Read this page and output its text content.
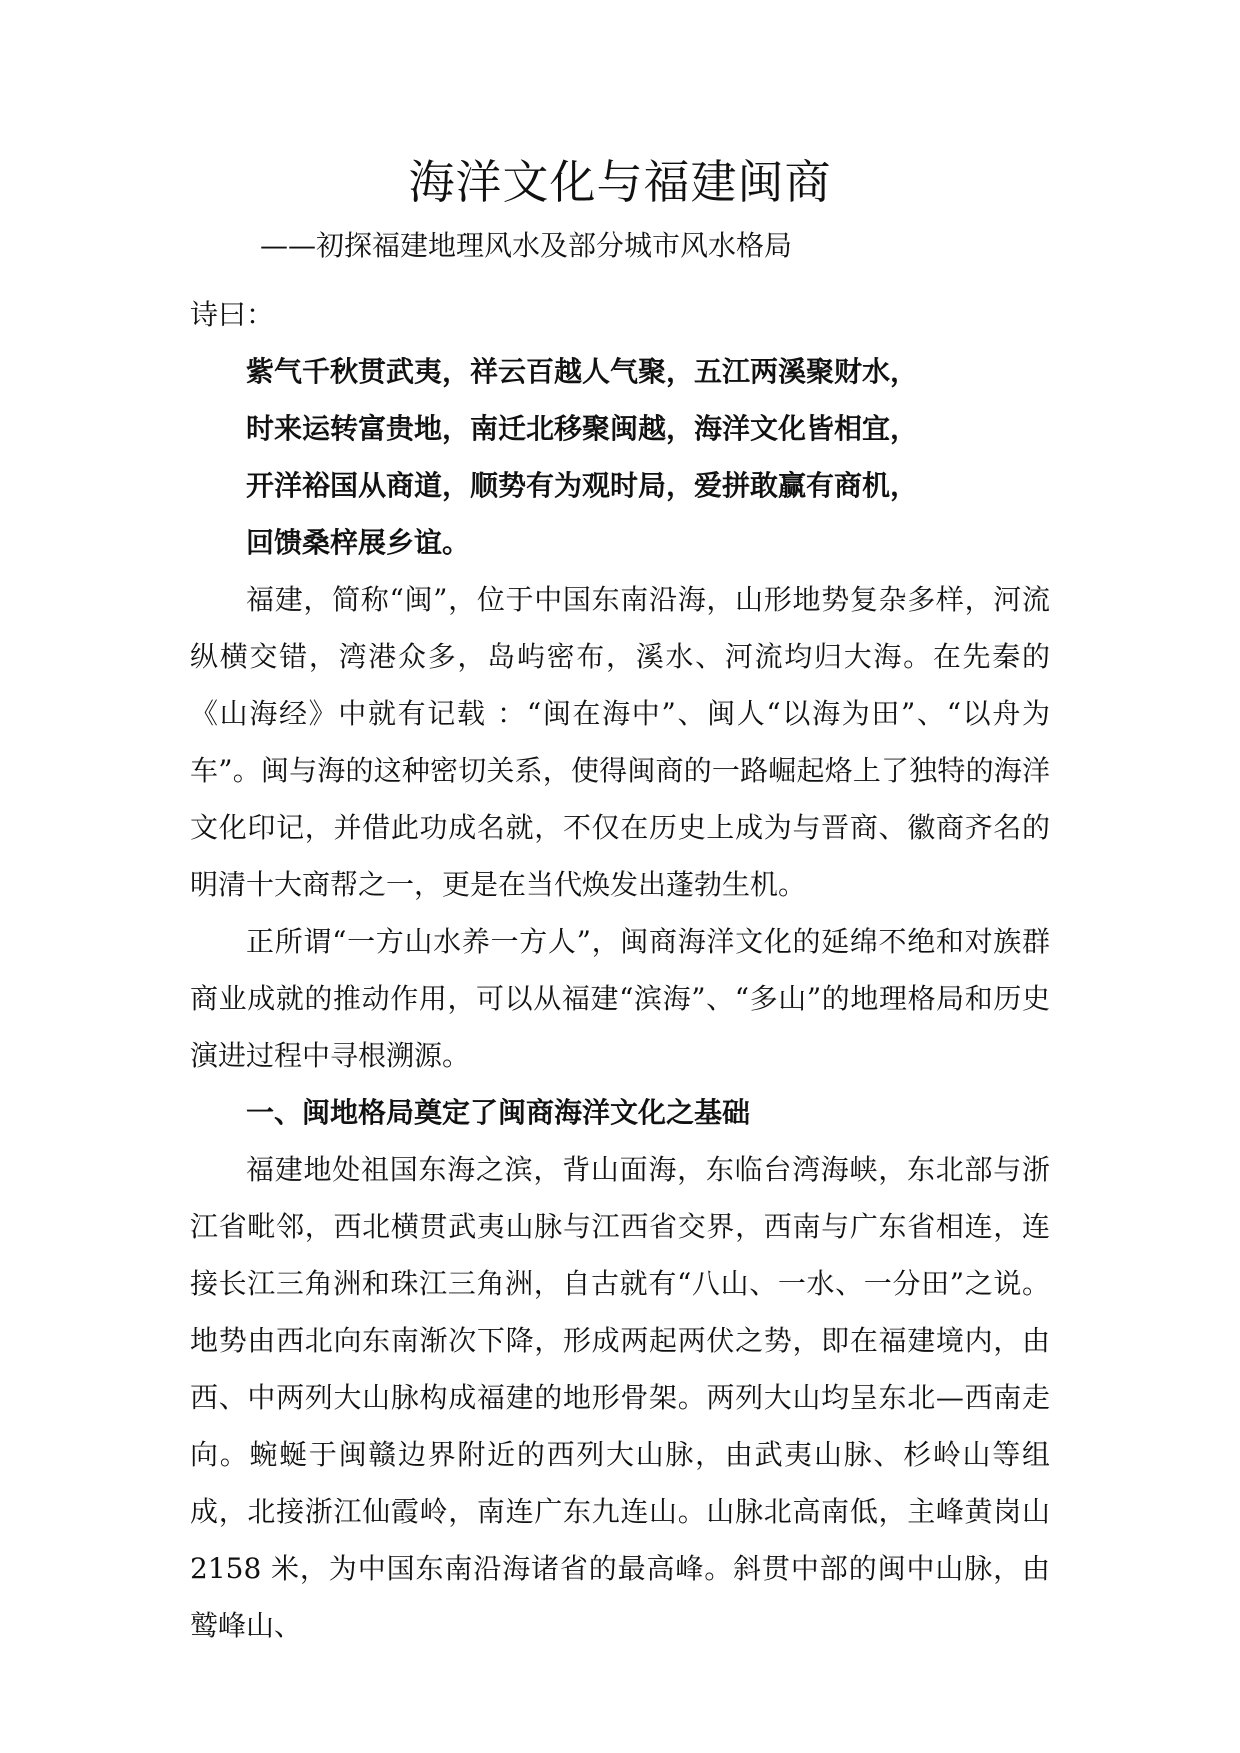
海洋文化与福建闽商

——初探福建地理风水及部分城市风水格局

诗曰：

紫气千秋贯武夷，祥云百越人气聚，五江两溪聚财水，

时来运转富贵地，南迁北移聚闽越，海洋文化皆相宜，

开洋裕国从商道，顺势有为观时局，爱拼敢赢有商机，

回馈桑梓展乡谊。

福建，简称“闽”，位于中国东南沿海，山形地势复杂多样，河流纵横交错，湾港众多，岛屿密布，溪水、河流均归大海。在先秦的《山海经》中就有记载 ：“闽在海中”、闽人“以海为田”、“以舟为车”。闽与海的这种密切关系，使得闽商的一路崛起烙上了独特的海洋文化印记，并借此功成名就，不仅在历史上成为与晋商、徽商齐名的明清十大商帮之一，更是在当代焕发出蓬勃生机。

正所谓“一方山水养一方人”，闽商海洋文化的延绵不绝和对族群商业成就的推动作用，可以从福建“滨海”、“多山”的地理格局和历史演进过程中寻根溯源。

一、闽地格局奠定了闽商海洋文化之基础

福建地处祖国东海之滨，背山面海，东临台湾海峡，东北部与浙江省毗邻，西北横贯武夷山脉与江西省交界，西南与广东省相连，连接长江三角洲和珠江三角洲，自古就有“八山、一水、一分田”之说。地势由西北向东南渐次下降，形成两起两伏之势，即在福建境内，由西、中两列大山脉构成福建的地形骨架。两列大山均呈东北—西南走向。蜿蜒于闽赣边界附近的西列大山脉，由武夷山脉、杉岭山等组成，北接浙江仙霞岭，南连广东九连山。山脉北高南低，主峰黄岗山 2158 米，为中国东南沿海诸省的最高峰。斜贯中部的闽中山脉，由鹫峰山、
